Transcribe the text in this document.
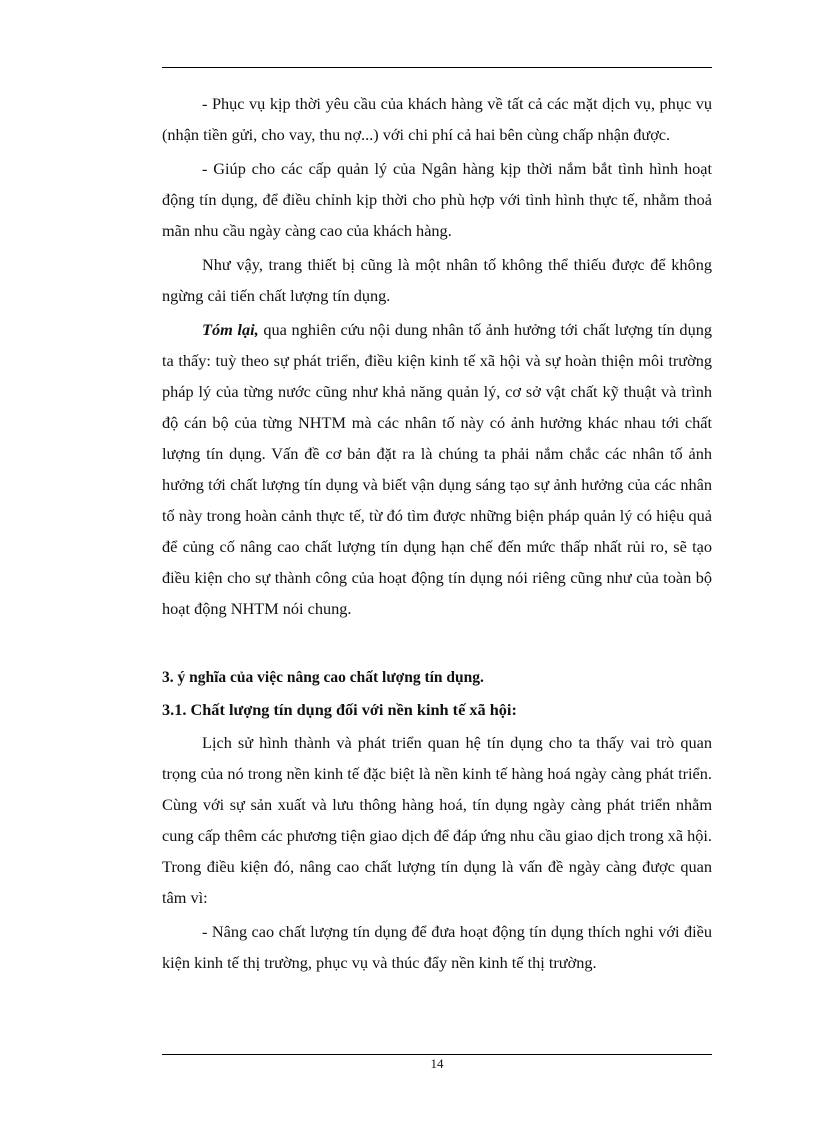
- Phục vụ kịp thời yêu cầu của khách hàng về tất cả các mặt dịch vụ, phục vụ (nhận tiền gửi, cho vay, thu nợ...) với chi phí cả hai bên cùng chấp nhận được.

- Giúp cho các cấp quản lý của Ngân hàng kịp thời nắm bắt tình hình hoạt động tín dụng, để điều chỉnh kịp thời cho phù hợp với tình hình thực tế, nhằm thoả mãn nhu cầu ngày càng cao của khách hàng.

Như vậy, trang thiết bị cũng là một nhân tố không thể thiếu được để không ngừng cải tiến chất lượng tín dụng.

Tóm lại, qua nghiên cứu nội dung nhân tố ảnh hưởng tới chất lượng tín dụng ta thấy: tuỳ theo sự phát triển, điều kiện kinh tế xã hội và sự hoàn thiện môi trường pháp lý của từng nước cũng như khả năng quản lý, cơ sở vật chất kỹ thuật và trình độ cán bộ của từng NHTM mà các nhân tố này có ảnh hưởng khác nhau tới chất lượng tín dụng. Vấn đề cơ bản đặt ra là chúng ta phải nắm chắc các nhân tố ảnh hưởng tới chất lượng tín dụng và biết vận dụng sáng tạo sự ảnh hưởng của các nhân tố này trong hoàn cảnh thực tế, từ đó tìm được những biện pháp quản lý có hiệu quả để củng cố nâng cao chất lượng tín dụng hạn chế đến mức thấp nhất rủi ro, sẽ tạo điều kiện cho sự thành công của hoạt động tín dụng nói riêng cũng như của toàn bộ hoạt động NHTM nói chung.

3. ý nghĩa của việc nâng cao chất lượng tín dụng.
3.1. Chất lượng tín dụng đối với nền kinh tế xã hội:

Lịch sử hình thành và phát triển quan hệ tín dụng cho ta thấy vai trò quan trọng của nó trong nền kinh tế đặc biệt là nền kinh tế hàng hoá ngày càng phát triển. Cùng với sự sản xuất và lưu thông hàng hoá, tín dụng ngày càng phát triển nhằm cung cấp thêm các phương tiện giao dịch để đáp ứng nhu cầu giao dịch trong xã hội. Trong điều kiện đó, nâng cao chất lượng tín dụng là vấn đề ngày càng được quan tâm vì:

- Nâng cao chất lượng tín dụng để đưa hoạt động tín dụng thích nghi với điều kiện kinh tế thị trường, phục vụ và thúc đẩy nền kinh tế thị trường.

14
